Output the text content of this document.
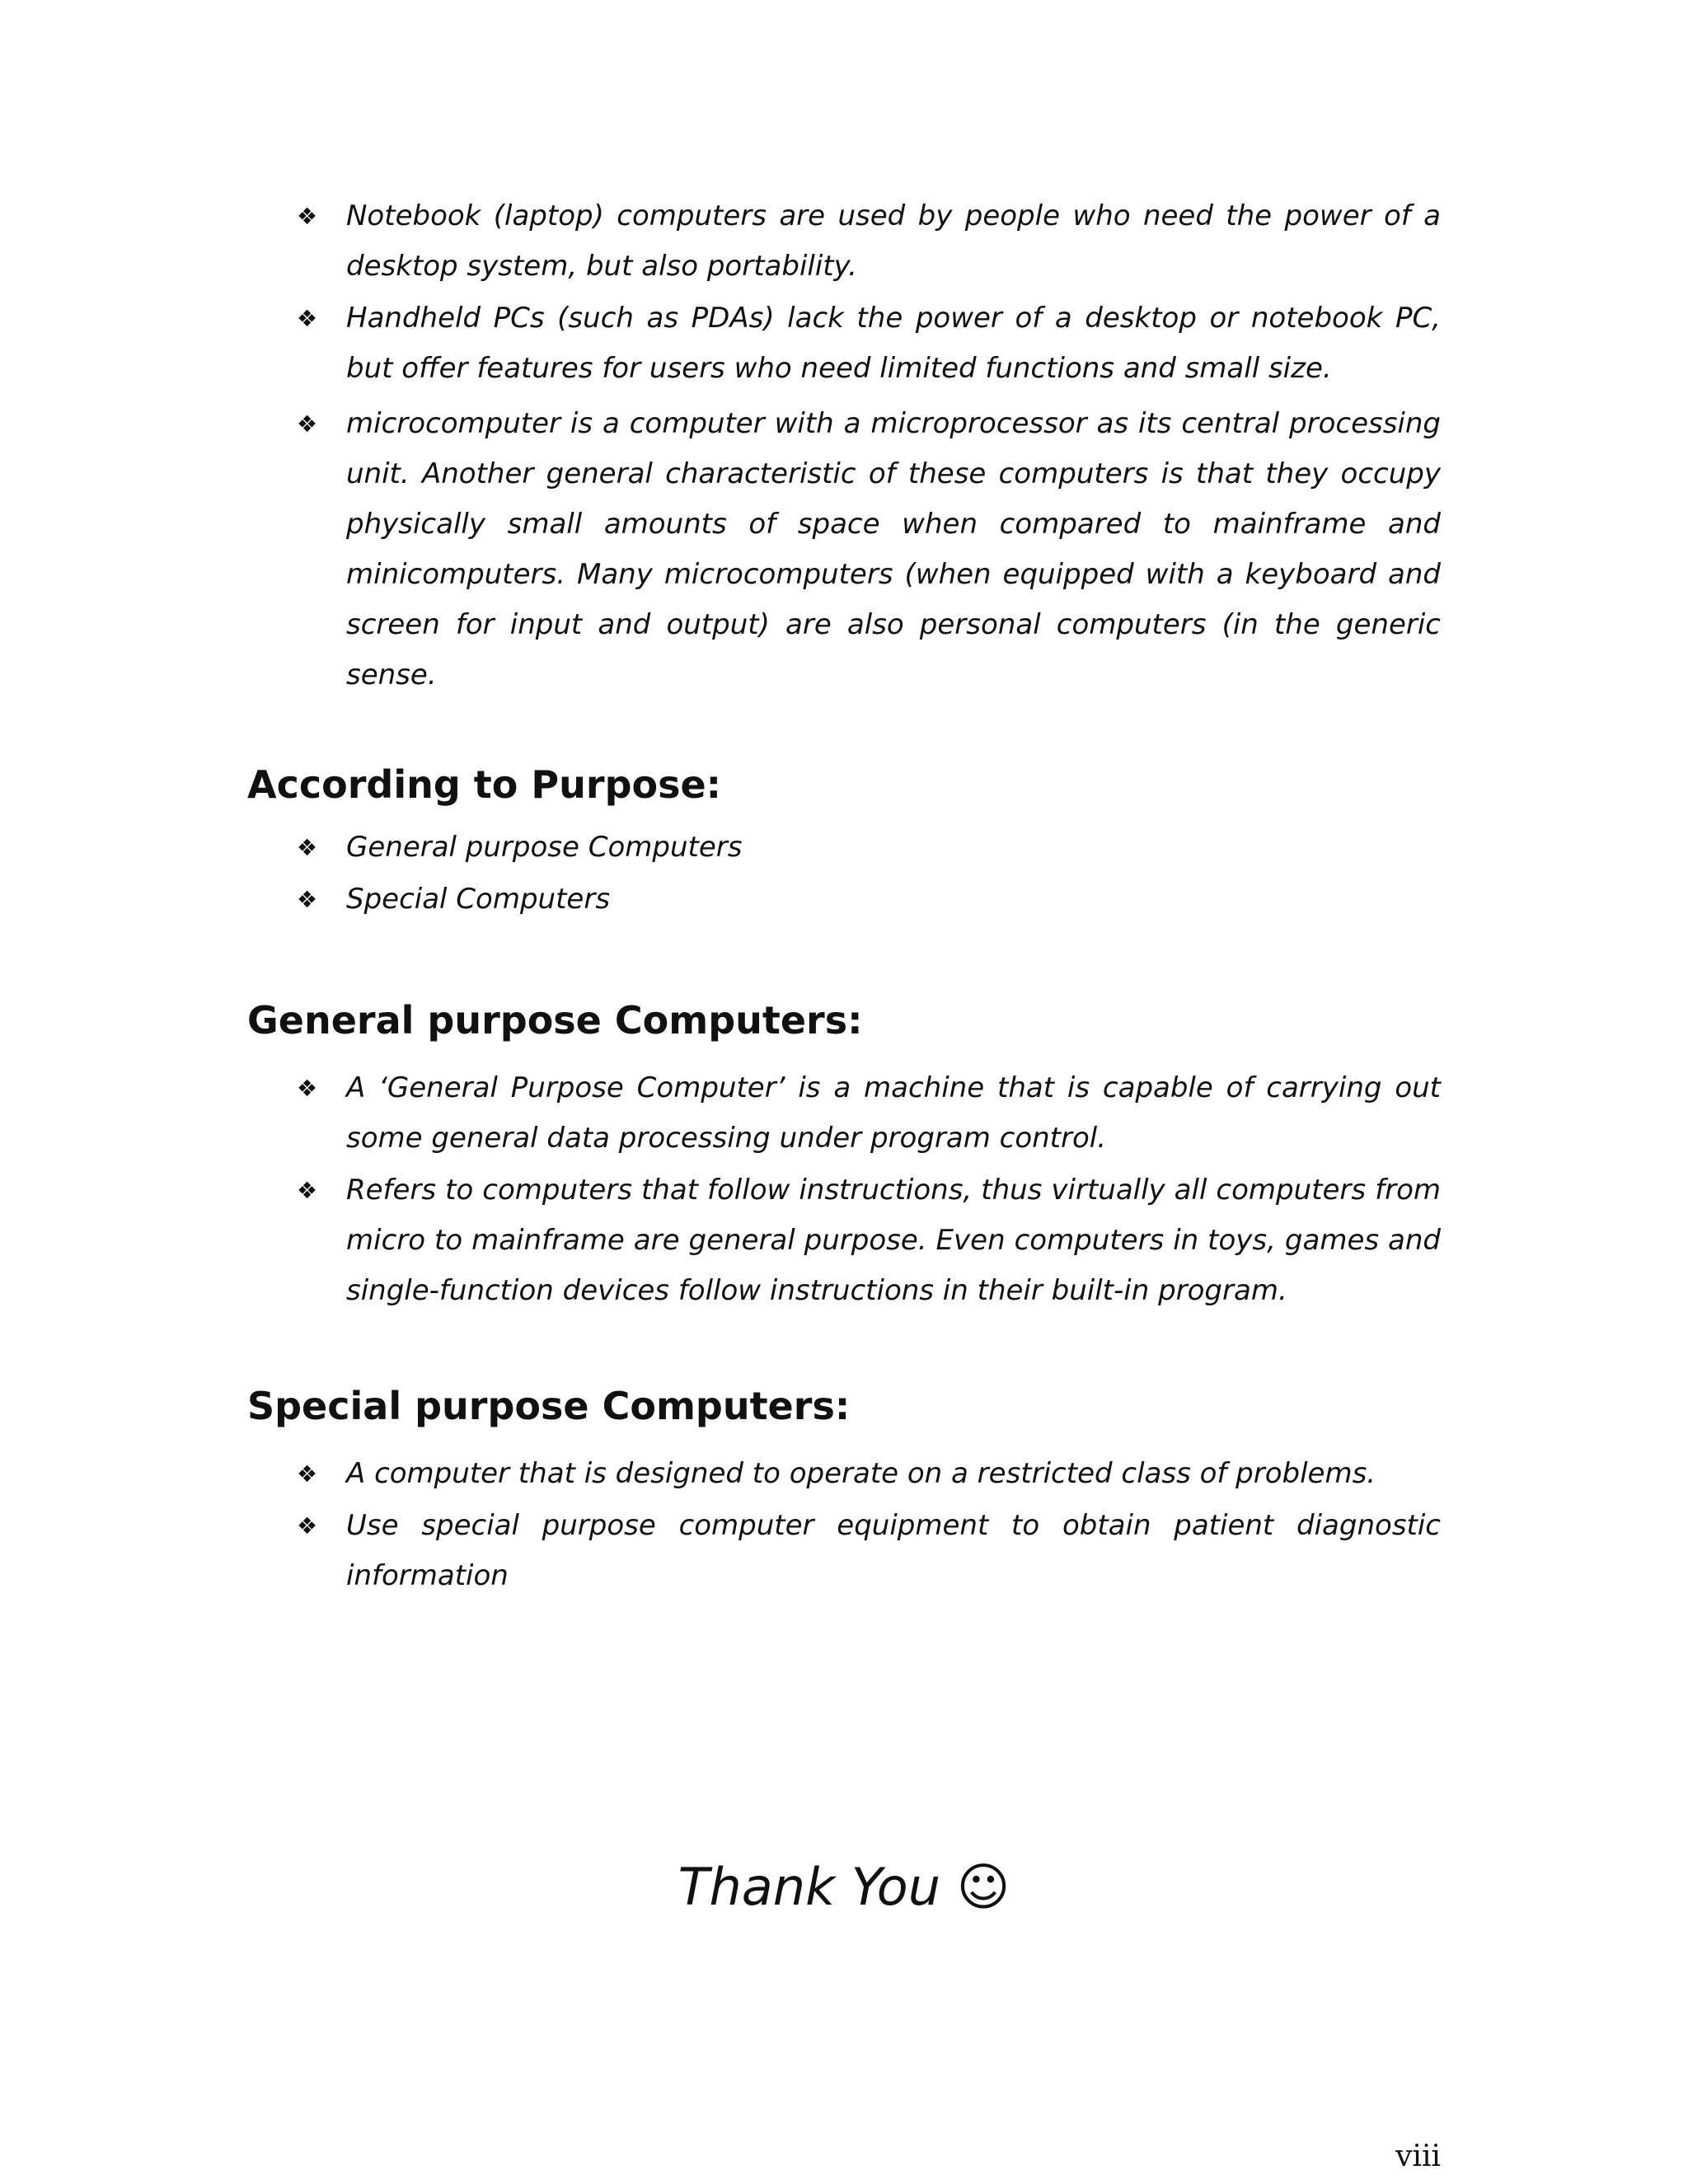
❖	Notebook (laptop) computers are used by people who need the power of a desktop system, but also portability.
❖	Handheld PCs (such as PDAs) lack the power of a desktop or notebook PC, but offer features for users who need limited functions and small size.
❖	microcomputer is a computer with a microprocessor as its central processing unit. Another general characteristic of these computers is that they occupy physically small amounts of space when compared to mainframe and minicomputers. Many microcomputers (when equipped with a keyboard and screen for input and output) are also personal computers (in the generic sense.
According to Purpose:
❖	General purpose Computers
❖	Special Computers
General purpose Computers:
❖	A ‘General Purpose Computer’ is a machine that is capable of carrying out some general data processing under program control.
❖	Refers to computers that follow instructions, thus virtually all computers from micro to mainframe are general purpose. Even computers in toys, games and single-function devices follow instructions in their built-in program.
Special purpose Computers:
❖	A computer that is designed to operate on a restricted class of problems.
❖	Use special purpose computer equipment to obtain patient diagnostic information

Thank You ☺

viii
